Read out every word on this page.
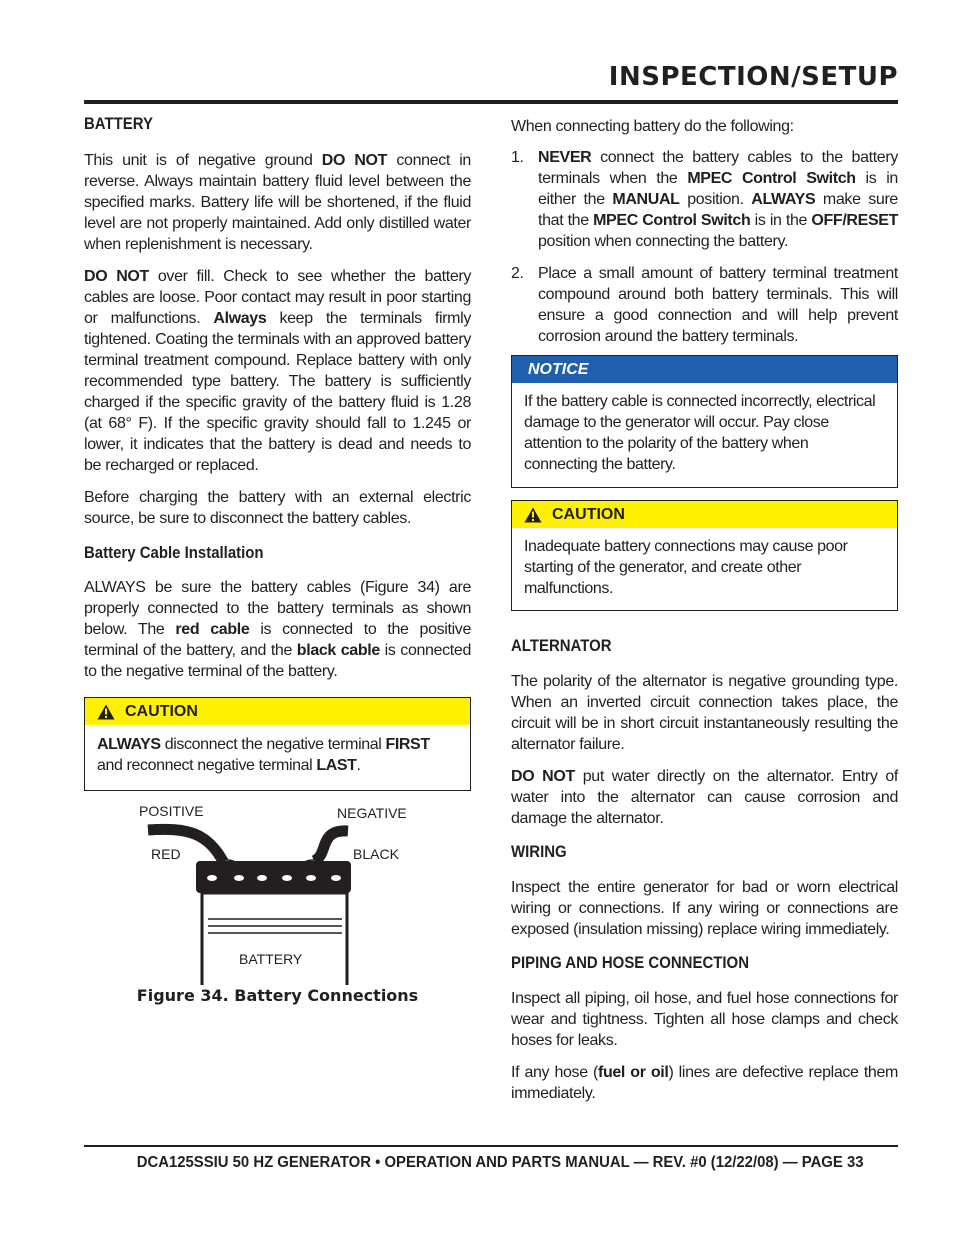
INSPECTION/SETUP
BATTERY

This unit is of negative ground DO NOT connect in reverse. Always maintain battery fluid level between the specified marks. Battery life will be shortened, if the fluid level are not properly maintained. Add only distilled water when replenishment is necessary.

DO NOT over fill. Check to see whether the battery cables are loose. Poor contact may result in poor starting or malfunctions. Always keep the terminals firmly tightened. Coating the terminals with an approved battery terminal treatment compound. Replace battery with only recommended type battery. The battery is sufficiently charged if the specific gravity of the battery fluid is 1.28 (at 68° F). If the specific gravity should fall to 1.245 or lower, it indicates that the battery is dead and needs to be recharged or replaced.

Before charging the battery with an external electric source, be sure to disconnect the battery cables.

Battery Cable Installation

ALWAYS be sure the battery cables (Figure 34) are properly connected to the battery terminals as shown below. The red cable is connected to the positive terminal of the battery, and the black cable is connected to the negative terminal of the battery.

CAUTION
ALWAYS disconnect the negative terminal FIRST and reconnect negative terminal LAST.
POSITIVE	NEGATIVE
RED	BLACK
BATTERY

Figure 34. Battery Connections

When connecting battery do the following:

1. NEVER connect the battery cables to the battery terminals when the MPEC Control Switch is in either the MANUAL position. ALWAYS make sure that the MPEC Control Switch is in the OFF/RESET position when connecting the battery.
2. Place a small amount of battery terminal treatment compound around both battery terminals. This will ensure a good connection and will help prevent corrosion around the battery terminals.
NOTICE
If the battery cable is connected incorrectly, electrical damage to the generator will occur. Pay close attention to the polarity of the battery when connecting the battery.
CAUTION
Inadequate battery connections may cause poor starting of the generator, and create other malfunctions.
ALTERNATOR

The polarity of the alternator is negative grounding type. When an inverted circuit connection takes place, the circuit will be in short circuit instantaneously resulting the alternator failure.

DO NOT put water directly on the alternator. Entry of water into the alternator can cause corrosion and damage the alternator.

WIRING

Inspect the entire generator for bad or worn electrical wiring or connections. If any wiring or connections are exposed (insulation missing) replace wiring immediately.

PIPING AND HOSE CONNECTION

Inspect all piping, oil hose, and fuel hose connections for wear and tightness. Tighten all hose clamps and check hoses for leaks.

If any hose (fuel or oil) lines are defective replace them immediately.

DCA125SSIU 50 HZ GENERATOR • OPERATION AND PARTS MANUAL — REV. #0 (12/22/08) — PAGE 33
